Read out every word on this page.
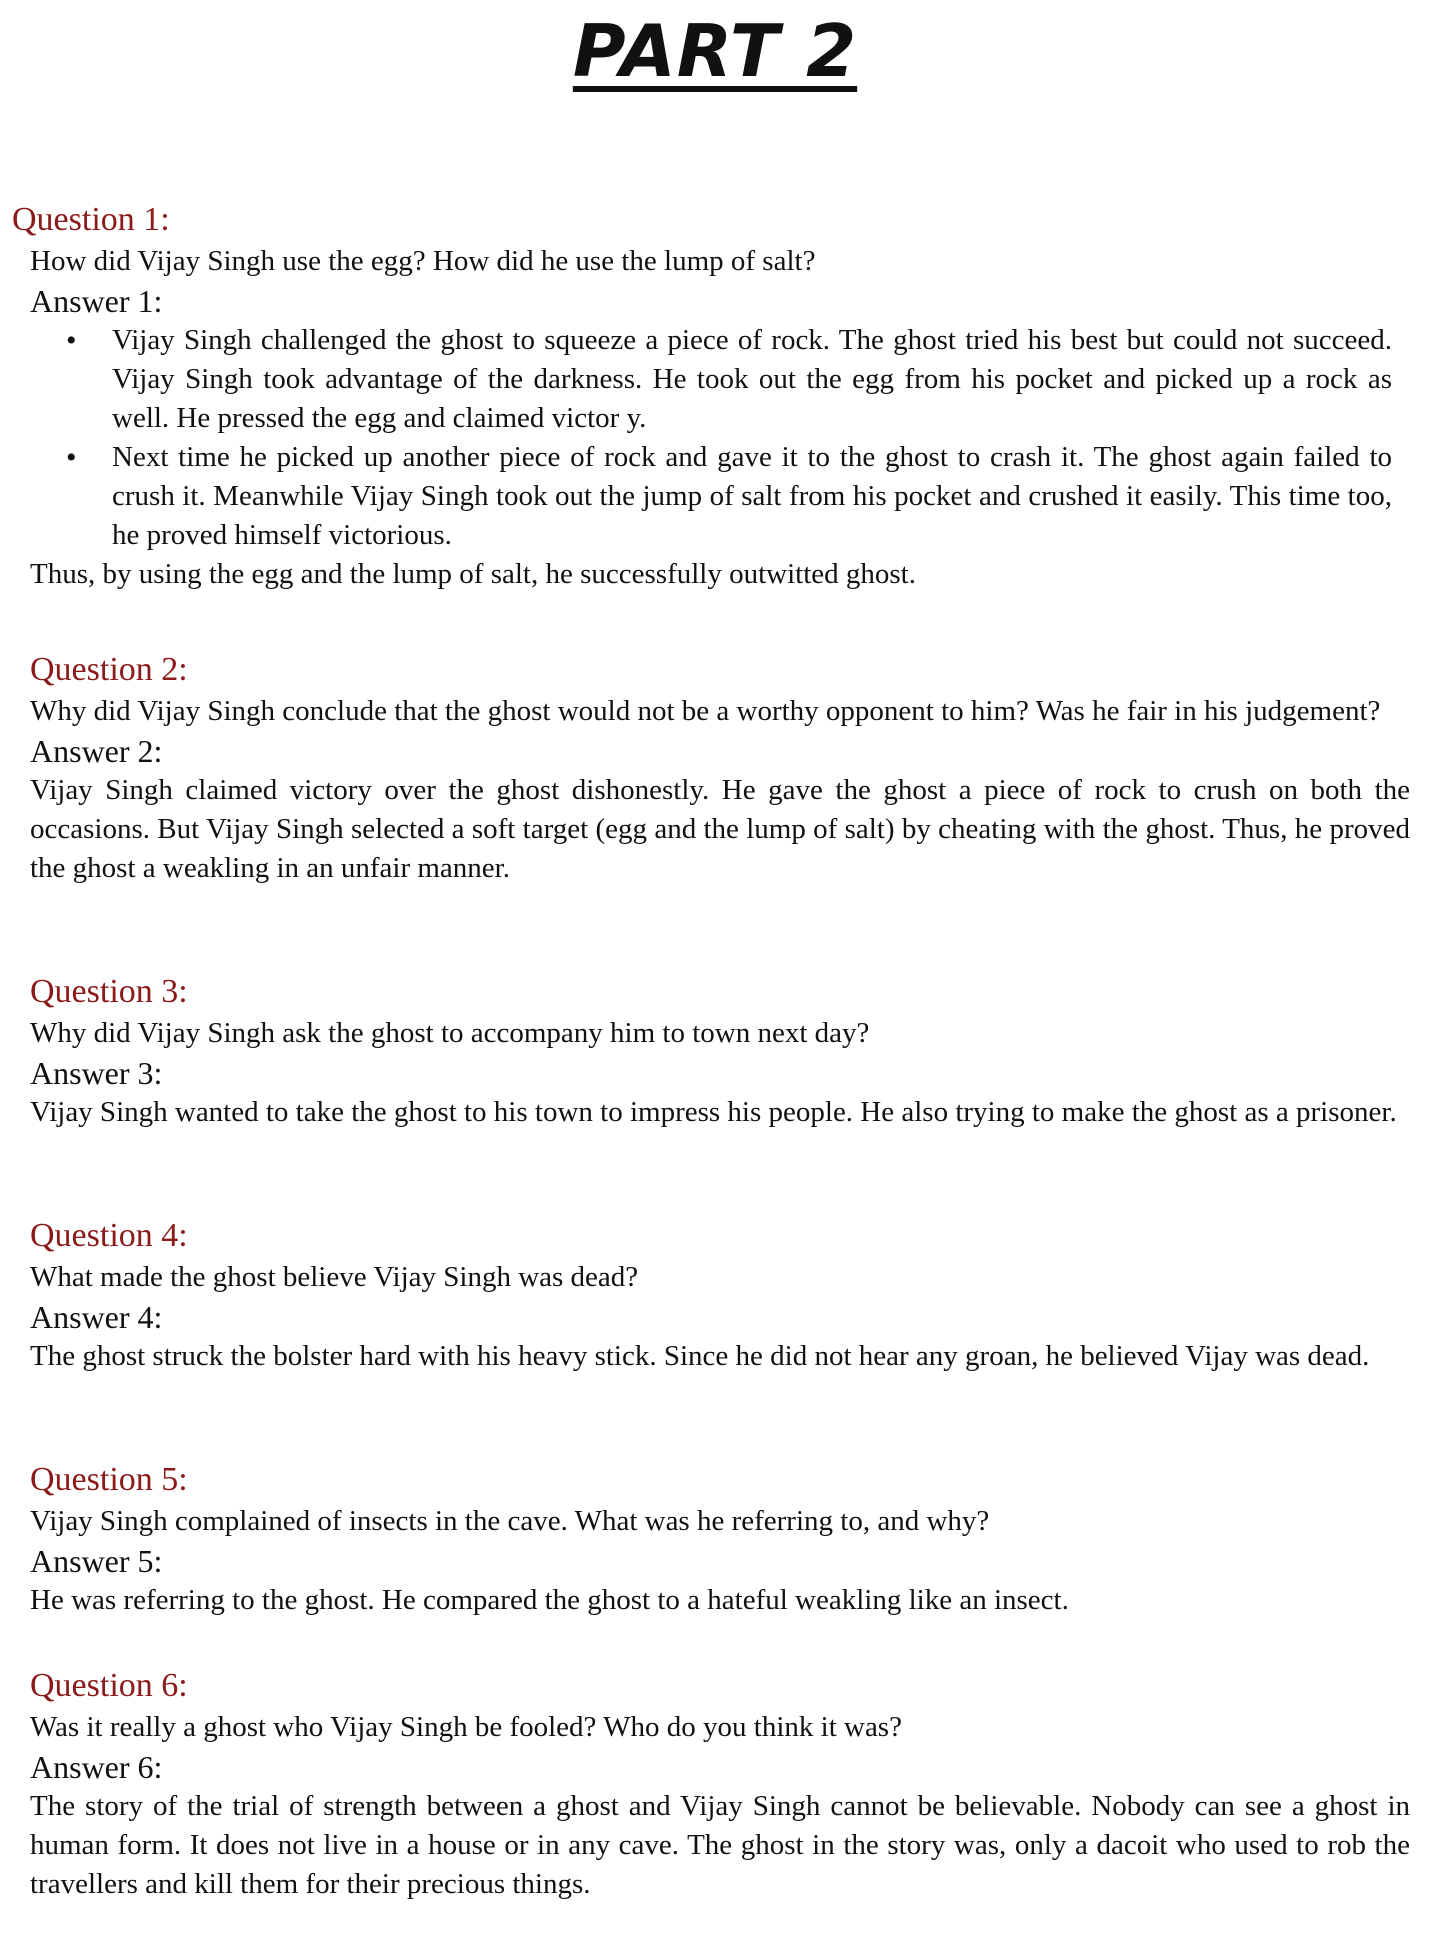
PART 2

Question 1:

How did Vijay Singh use the egg? How did he use the lump of salt?

Answer 1:

• Vijay Singh challenged the ghost to squeeze a piece of rock. The ghost tried his best but could not succeed. Vijay Singh took advantage of the darkness. He took out the egg from his pocket and picked up a rock as well. He pressed the egg and claimed victor y.
• Next time he picked up another piece of rock and gave it to the ghost to crash it. The ghost again failed to crush it. Meanwhile Vijay Singh took out the jump of salt from his pocket and crushed it easily. This time too, he proved himself victorious.

Thus, by using the egg and the lump of salt, he successfully outwitted ghost.

Question 2:

Why did Vijay Singh conclude that the ghost would not be a worthy opponent to him? Was he fair in his judgement?

Answer 2:

Vijay Singh claimed victory over the ghost dishonestly. He gave the ghost a piece of rock to crush on both the occasions. But Vijay Singh selected a soft target (egg and the lump of salt) by cheating with the ghost. Thus, he proved the ghost a weakling in an unfair manner.

Question 3:

Why did Vijay Singh ask the ghost to accompany him to town next day?

Answer 3:

Vijay Singh wanted to take the ghost to his town to impress his people. He also trying to make the ghost as a prisoner.

Question 4:

What made the ghost believe Vijay Singh was dead?

Answer 4:

The ghost struck the bolster hard with his heavy stick. Since he did not hear any groan, he believed Vijay was dead.

Question 5:

Vijay Singh complained of insects in the cave. What was he referring to, and why?

Answer 5:

He was referring to the ghost. He compared the ghost to a hateful weakling like an insect.

Question 6:

Was it really a ghost who Vijay Singh be fooled? Who do you think it was?

Answer 6:

The story of the trial of strength between a ghost and Vijay Singh cannot be believable. Nobody can see a ghost in human form. It does not live in a house or in any cave. The ghost in the story was, only a dacoit who used to rob the travellers and kill them for their precious things.
